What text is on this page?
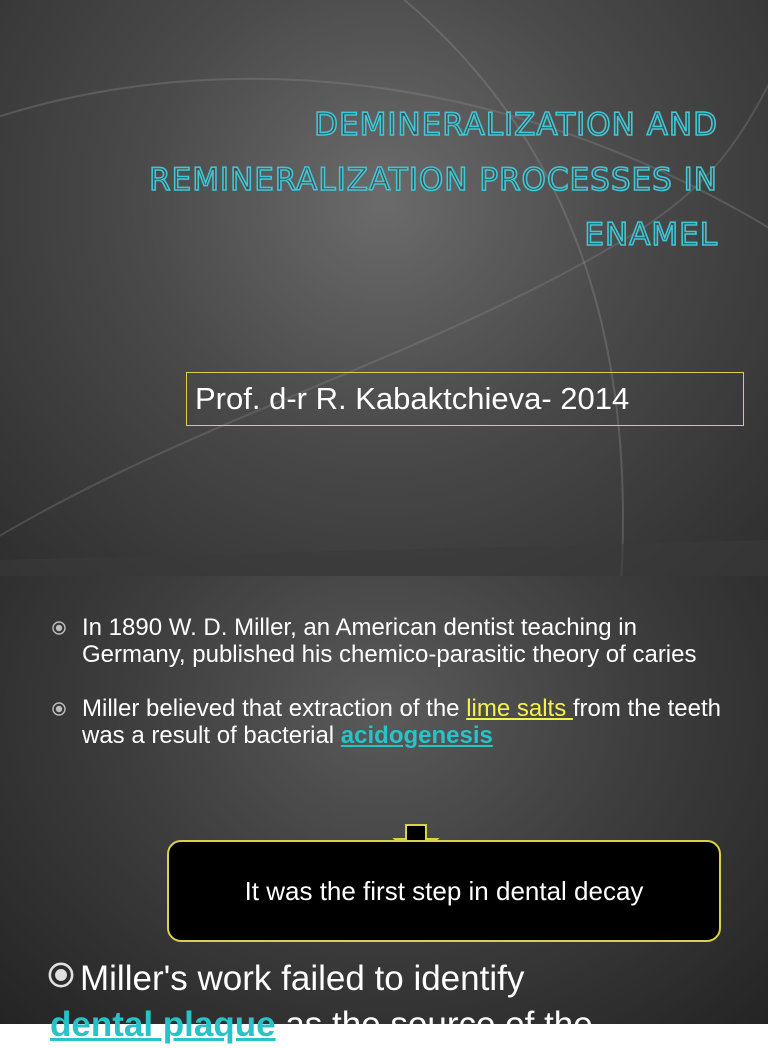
DEMINERALIZATION AND
REMINERALIZATION PROCESSES IN
ENAMEL
Prof. d-r R. Kabaktchieva- 2014
In 1890 W. D. Miller, an American dentist teaching in Germany, published his chemico-parasitic theory of caries
Miller believed that extraction of the lime salts from the teeth was a result of bacterial acidogenesis
It was the first step in dental decay
Miller's work failed to identify
dental plaque as the source of the
